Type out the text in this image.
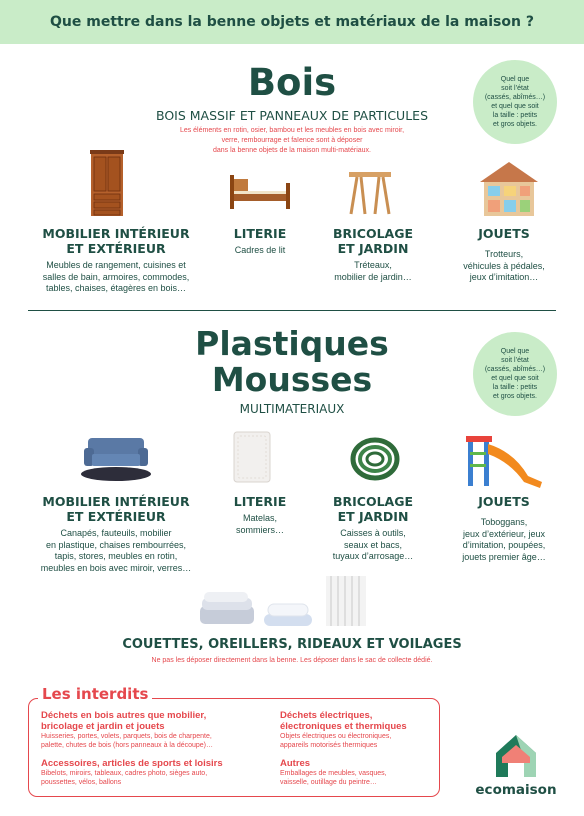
Que mettre dans la benne objets et matériaux de la maison ?
Bois
BOIS MASSIF ET PANNEAUX DE PARTICULES
Les éléments en rotin, osier, bambou et les meubles en bois avec miroir,
verre, rembourrage et faïence sont à déposer
dans la benne objets de la maison multi-matériaux.
Quel que
soit l’état
(cassés, abîmés…)
et quel que soit
la taille : petits
et gros objets.
MOBILIER INTÉRIEUR
ET EXTÉRIEUR
Meubles de rangement, cuisines et
salles de bain, armoires, commodes,
tables, chaises, étagères en bois…
LITERIE
Cadres de lit
BRICOLAGE
ET JARDIN
Tréteaux,
mobilier de jardin…
JOUETS
Trotteurs,
véhicules à pédales,
jeux d’imitation…
Plastiques
Mousses
MULTIMATERIAUX
Quel que
soit l’état
(cassés, abîmés…)
et quel que soit
la taille : petits
et gros objets.
MOBILIER INTÉRIEUR
ET EXTÉRIEUR
Canapés, fauteuils, mobilier
en plastique, chaises rembourrées,
tapis, stores, meubles en rotin,
meubles en bois avec miroir, verres…
LITERIE
Matelas,
sommiers…
BRICOLAGE
ET JARDIN
Caisses à outils,
seaux et bacs,
tuyaux d’arrosage…
JOUETS
Toboggans,
jeux d’extérieur, jeux
d’imitation, poupées,
jouets premier âge…
COUETTES, OREILLERS, RIDEAUX ET VOILAGES
Ne pas les déposer directement dans la benne. Les déposer dans le sac de collecte dédié.
Les interdits
Déchets en bois autres que mobilier,
bricolage et jardin et jouets
Huisseries, portes, volets, parquets, bois de charpente,
palette, chutes de bois (hors panneaux à la découpe)…
Déchets électriques,
électroniques et thermiques
Objets électriques ou électroniques,
appareils motorisés thermiques
Accessoires, articles de sports et loisirs
Bibelots, miroirs, tableaux, cadres photo, sièges auto,
poussettes, vélos, ballons
Autres
Emballages de meubles, vasques,
vaisselle, outillage du peintre…	ecomaison
